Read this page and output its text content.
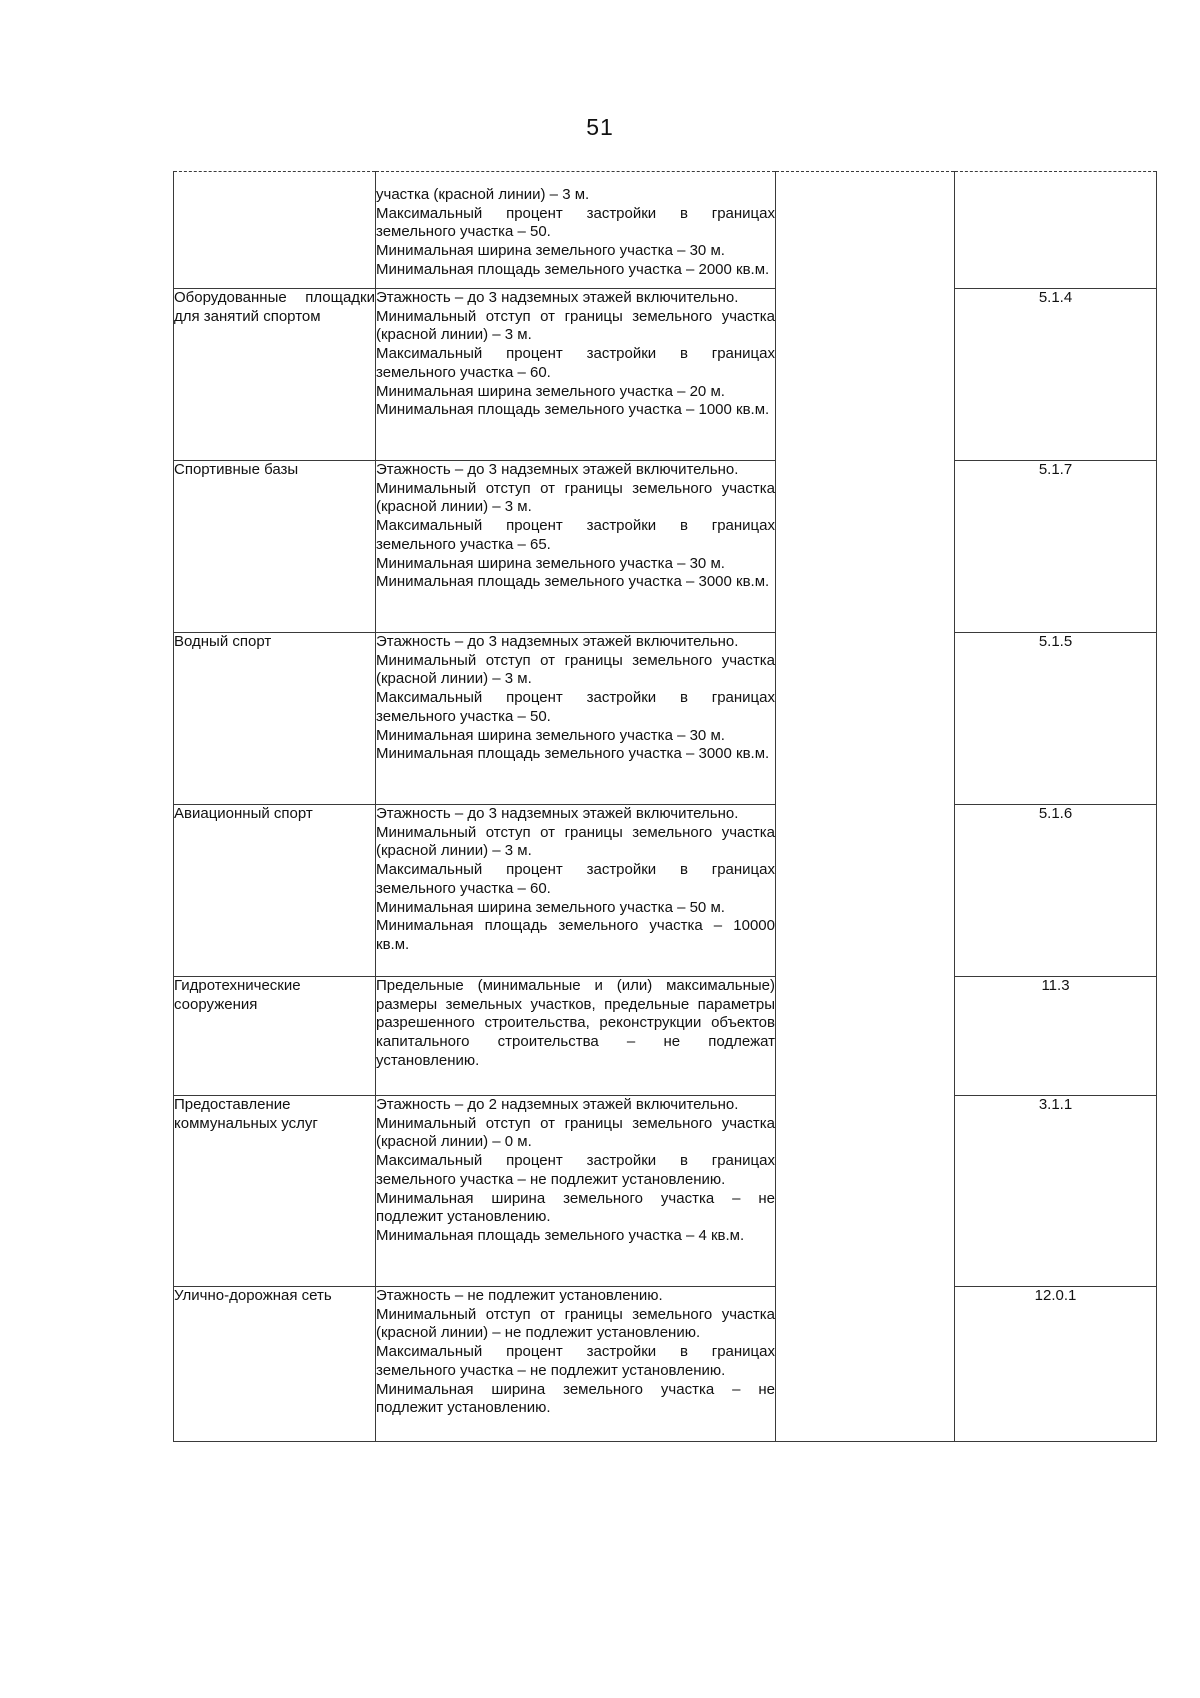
51

	участка (красной линии) – 3 м.

Максимальный процент застройки в границах земельного участка – 50.

Минимальная ширина земельного участка – 30 м.

Минимальная площадь земельного участка – 2000 кв.м.		

Оборудованные площадки для занятий спортом	Этажность – до 3 надземных этажей включительно.

Минимальный отступ от границы земельного участка (красной линии) – 3 м.

Максимальный процент застройки в границах земельного участка – 60.

Минимальная ширина земельного участка – 20 м.

Минимальная площадь земельного участка – 1000 кв.м.		5.1.4
Спортивные базы	Этажность – до 3 надземных этажей включительно.

Минимальный отступ от границы земельного участка (красной линии) – 3 м.

Максимальный процент застройки в границах земельного участка – 65.

Минимальная ширина земельного участка – 30 м.

Минимальная площадь земельного участка – 3000 кв.м.		5.1.7
Водный спорт	Этажность – до 3 надземных этажей включительно.

Минимальный отступ от границы земельного участка (красной линии) – 3 м.

Максимальный процент застройки в границах земельного участка – 50.

Минимальная ширина земельного участка – 30 м.

Минимальная площадь земельного участка – 3000 кв.м.		5.1.5
Авиационный спорт	Этажность – до 3 надземных этажей включительно.

Минимальный отступ от границы земельного участка (красной линии) – 3 м.

Максимальный процент застройки в границах земельного участка – 60.

Минимальная ширина земельного участка – 50 м.

Минимальная площадь земельного участка – 10000 кв.м.		5.1.6
Гидротехнические сооружения	Предельные (минимальные и (или) максимальные) размеры земельных участков, предельные параметры разрешенного строительства, реконструкции объектов капитального строительства – не подлежат установлению.		11.3
Предоставление коммунальных услуг	Этажность – до 2 надземных этажей включительно.

Минимальный отступ от границы земельного участка (красной линии) – 0 м.

Максимальный процент застройки в границах земельного участка – не подлежит установлению.

Минимальная ширина земельного участка – не подлежит установлению.

Минимальная площадь земельного участка – 4 кв.м.		3.1.1
Улично-дорожная сеть	Этажность – не подлежит установлению.

Минимальный отступ от границы земельного участка (красной линии) – не подлежит установлению.

Максимальный процент застройки в границах земельного участка – не подлежит установлению.

Минимальная ширина земельного участка – не подлежит установлению.		12.0.1
